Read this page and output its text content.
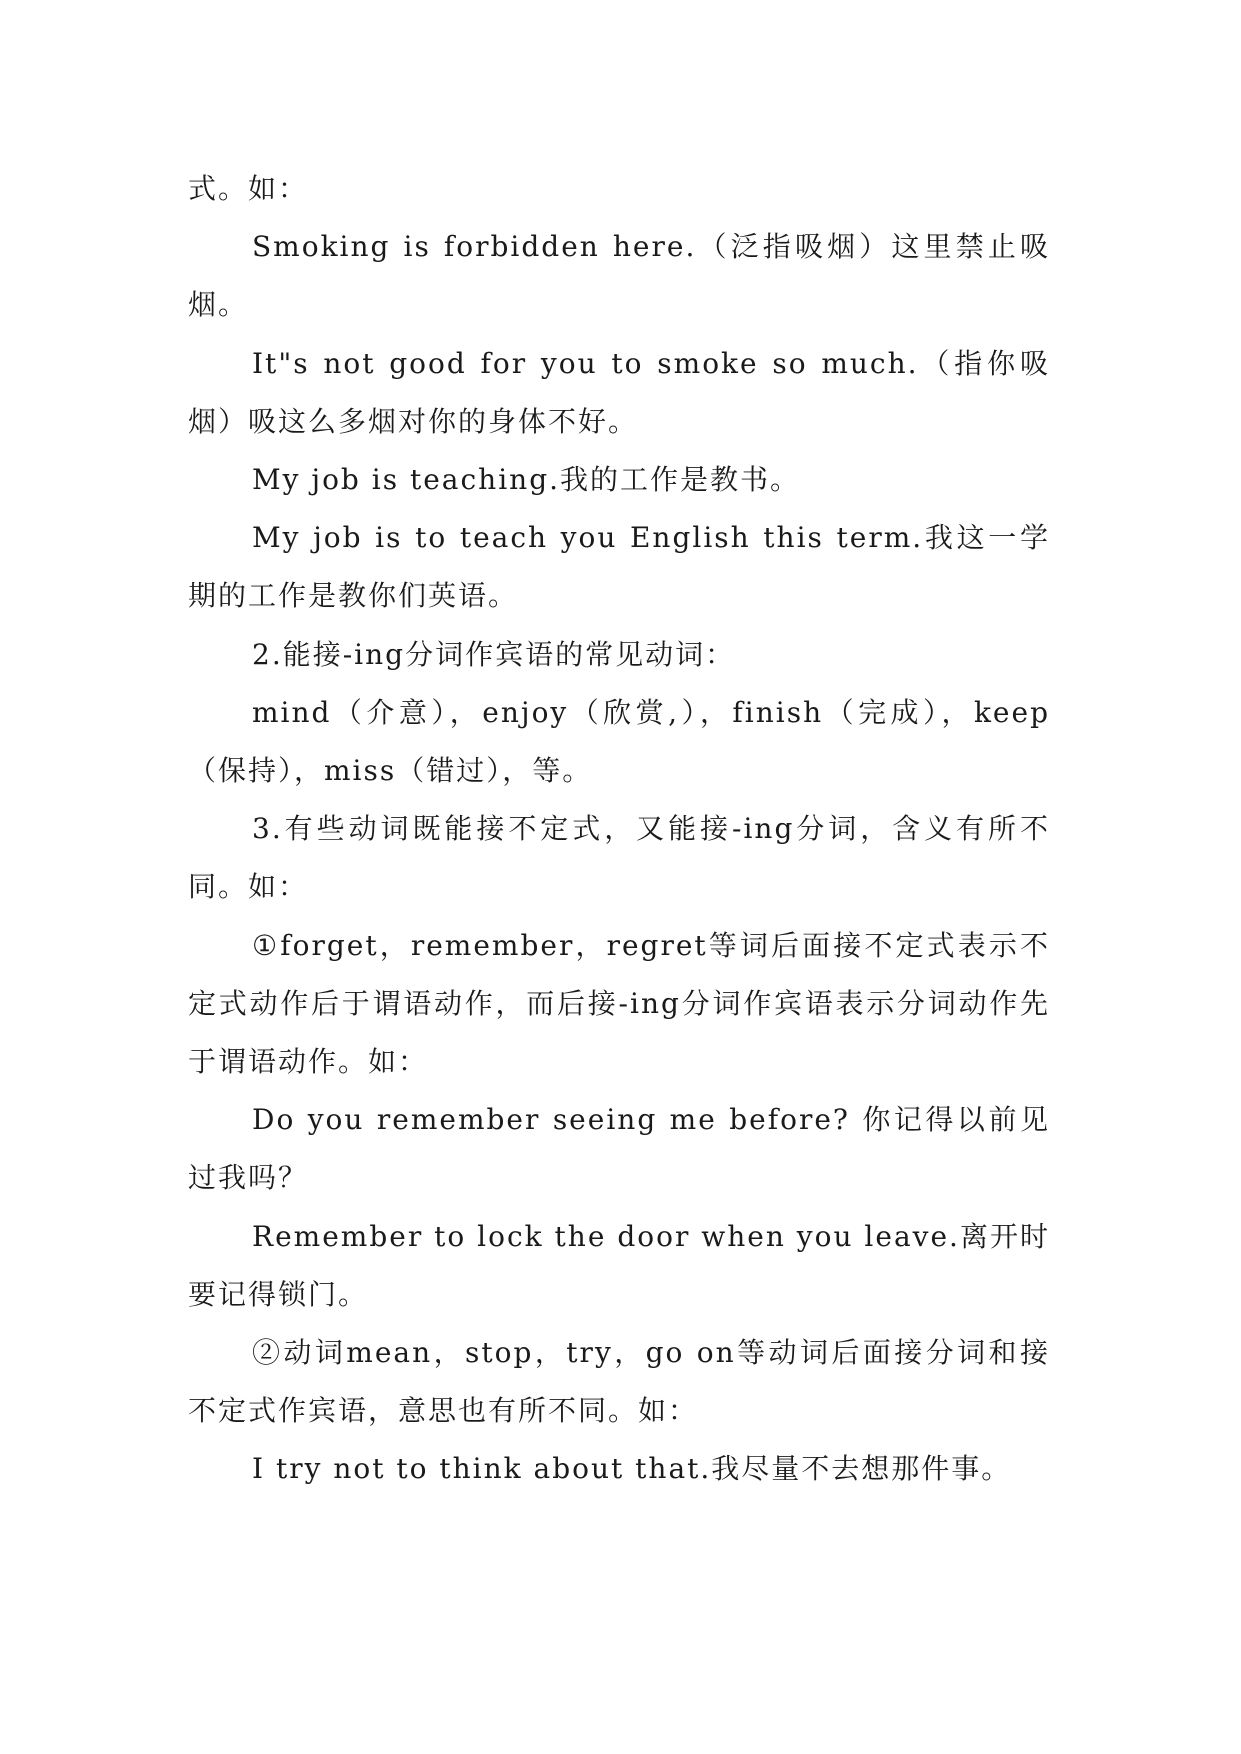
式。如：

Smoking is forbidden here.（泛指吸烟）这里禁止吸烟。

It"s not good for you to smoke so much.（指你吸烟）吸这么多烟对你的身体不好。

My job is teaching.我的工作是教书。

My job is to teach you English this term.我这一学期的工作是教你们英语。

2.能接-ing分词作宾语的常见动词：

mind（介意），enjoy（欣赏,），finish（完成），keep（保持），miss（错过），等。

3.有些动词既能接不定式，又能接-ing分词，含义有所不同。如：

①forget，remember，regret等词后面接不定式表示不定式动作后于谓语动作，而后接-ing分词作宾语表示分词动作先于谓语动作。如：

Do you remember seeing me before? 你记得以前见过我吗？

Remember to lock the door when you leave.离开时要记得锁门。

②动词mean，stop，try，go on等动词后面接分词和接不定式作宾语，意思也有所不同。如：

I try not to think about that.我尽量不去想那件事。
